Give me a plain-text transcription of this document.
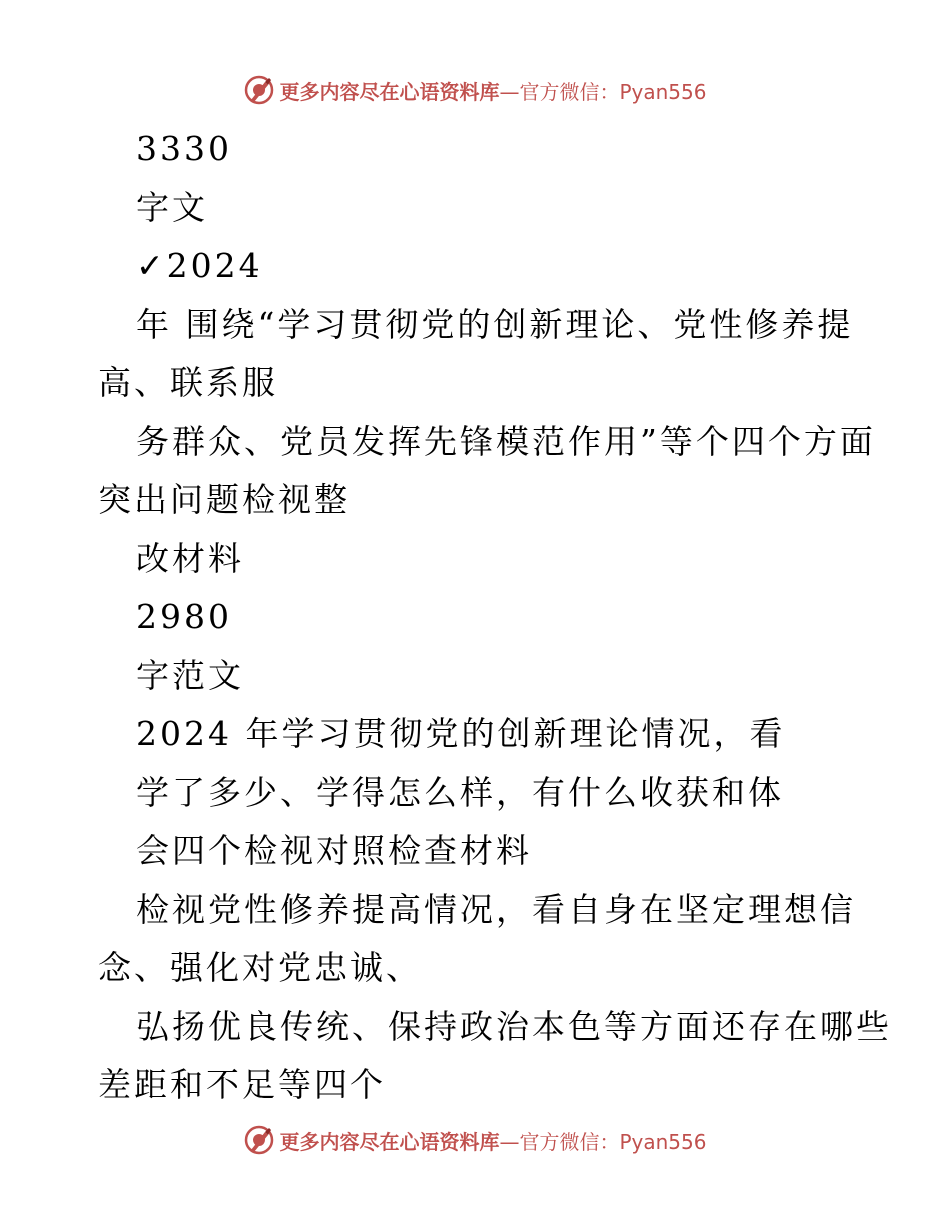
更多内容尽在心语资料库—官方微信：Pyan556
3330
字文
✓2024
年 围绕“学习贯彻党的创新理论、党性修养提
高、联系服
务群众、党员发挥先锋模范作用”等个四个方面
突出问题检视整
改材料
2980
字范文
2024 年学习贯彻党的创新理论情况，看
学了多少、学得怎么样，有什么收获和体
会四个检视对照检查材料
检视党性修养提高情况，看自身在坚定理想信
念、强化对党忠诚、
弘扬优良传统、保持政治本色等方面还存在哪些
差距和不足等四个
更多内容尽在心语资料库—官方微信：Pyan556
